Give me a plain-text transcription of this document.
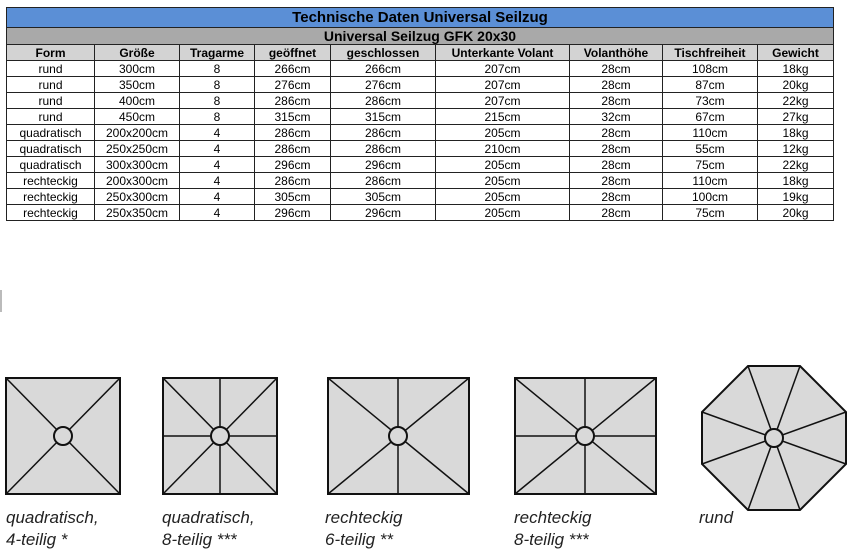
Technische Daten Universal Seilzug								
Universal Seilzug GFK 20x30								
Form	Größe	Tragarme	geöffnet	geschlossen	Unterkante Volant	Volanthöhe	Tischfreiheit	Gewicht
rund	300cm	8	266cm	266cm	207cm	28cm	108cm	18kg
rund	350cm	8	276cm	276cm	207cm	28cm	87cm	20kg
rund	400cm	8	286cm	286cm	207cm	28cm	73cm	22kg
rund	450cm	8	315cm	315cm	215cm	32cm	67cm	27kg
quadratisch	200x200cm	4	286cm	286cm	205cm	28cm	110cm	18kg
quadratisch	250x250cm	4	286cm	286cm	210cm	28cm	55cm	12kg
quadratisch	300x300cm	4	296cm	296cm	205cm	28cm	75cm	22kg
rechteckig	200x300cm	4	286cm	286cm	205cm	28cm	110cm	18kg
rechteckig	250x300cm	4	305cm	305cm	205cm	28cm	100cm	19kg
rechteckig	250x350cm	4	296cm	296cm	205cm	28cm	75cm	20kg
quadratisch,
4-teilig *
quadratisch,
8-teilig ***
rechteckig
6-teilig **
rechteckig
8-teilig ***
rund
